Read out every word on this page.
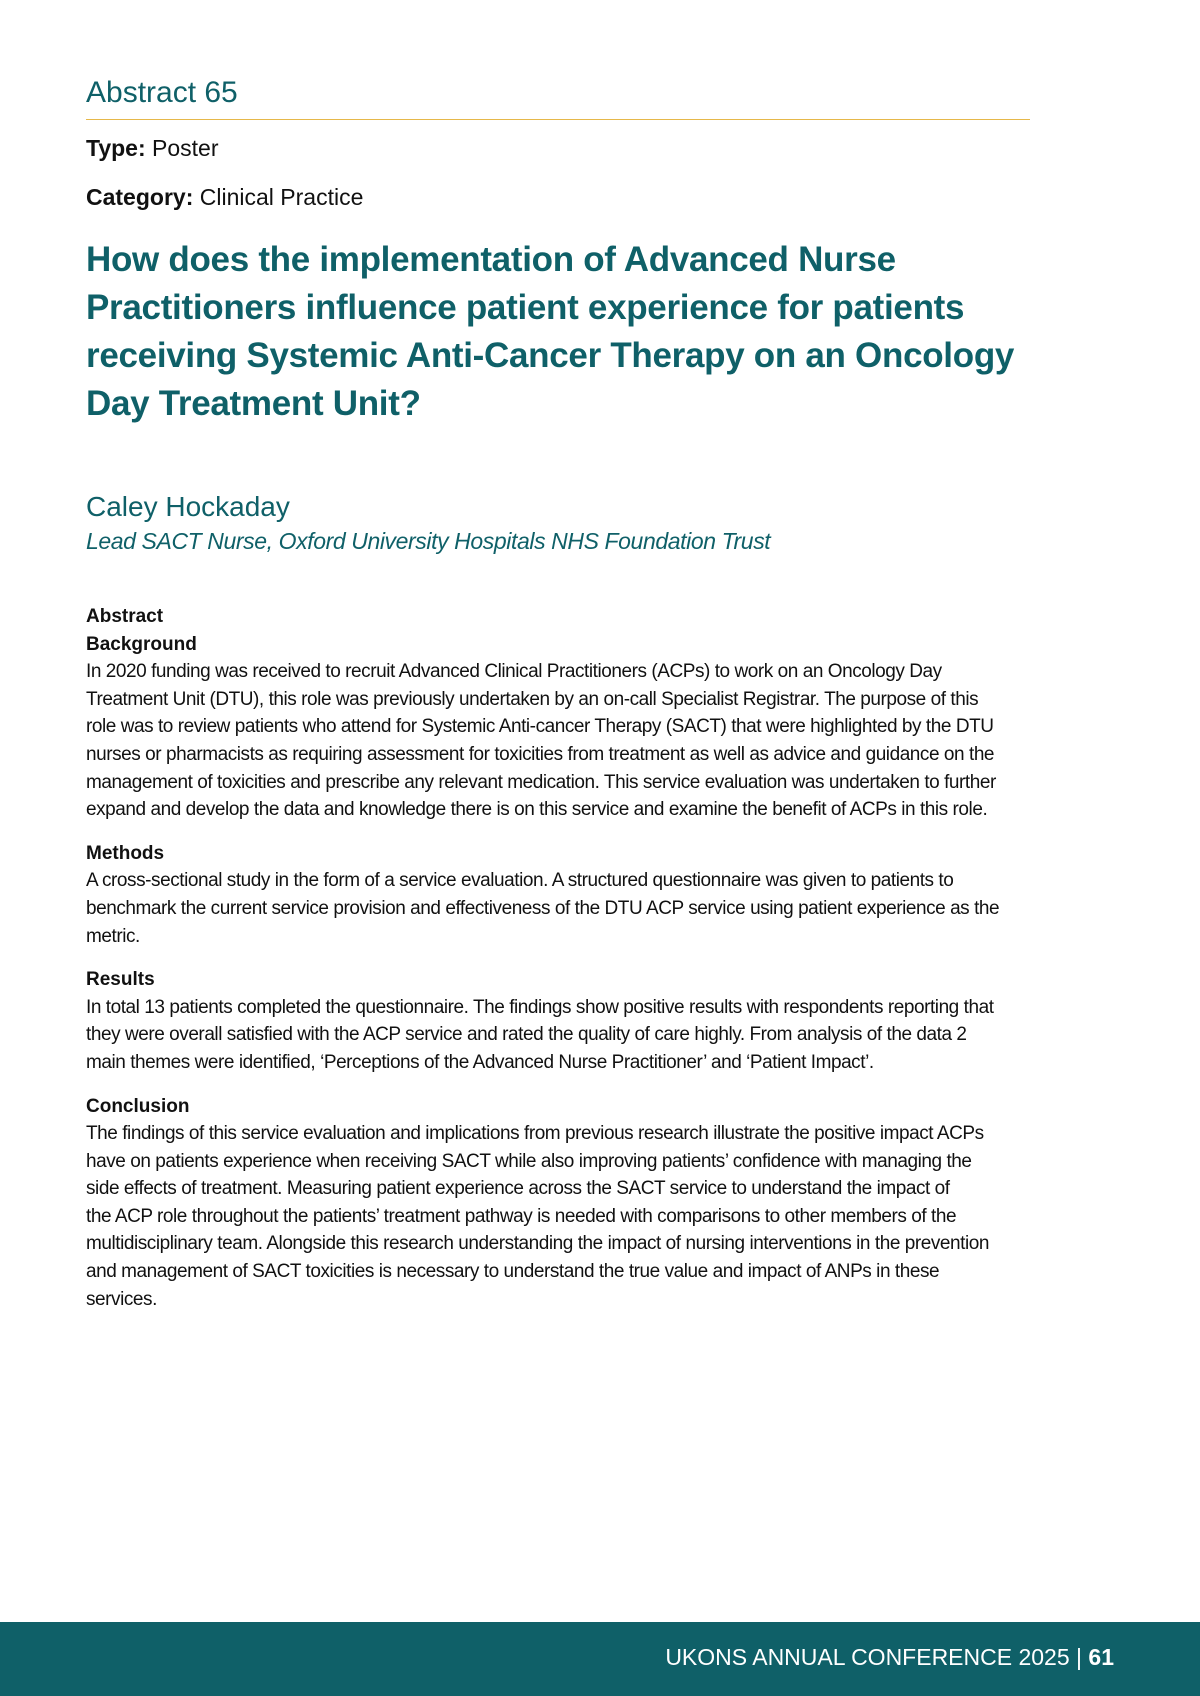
Abstract 65
Type: Poster
Category: Clinical Practice
How does the implementation of Advanced Nurse
Practitioners influence patient experience for patients
receiving Systemic Anti-Cancer Therapy on an Oncology
Day Treatment Unit?
Caley Hockaday
Lead SACT Nurse, Oxford University Hospitals NHS Foundation Trust
Abstract
Background
In 2020 funding was received to recruit Advanced Clinical Practitioners (ACPs) to work on an Oncology Day
Treatment Unit (DTU), this role was previously undertaken by an on-call Specialist Registrar. The purpose of this
role was to review patients who attend for Systemic Anti-cancer Therapy (SACT) that were highlighted by the DTU
nurses or pharmacists as requiring assessment for toxicities from treatment as well as advice and guidance on the
management of toxicities and prescribe any relevant medication. This service evaluation was undertaken to further
expand and develop the data and knowledge there is on this service and examine the benefit of ACPs in this role.
Methods
A cross-sectional study in the form of a service evaluation. A structured questionnaire was given to patients to
benchmark the current service provision and effectiveness of the DTU ACP service using patient experience as the
metric.
Results
In total 13 patients completed the questionnaire. The findings show positive results with respondents reporting that
they were overall satisfied with the ACP service and rated the quality of care highly. From analysis of the data 2
main themes were identified, ‘Perceptions of the Advanced Nurse Practitioner’ and ‘Patient Impact’.
Conclusion
The findings of this service evaluation and implications from previous research illustrate the positive impact ACPs
have on patients experience when receiving SACT while also improving patients’ confidence with managing the
side effects of treatment. Measuring patient experience across the SACT service to understand the impact of
the ACP role throughout the patients’ treatment pathway is needed with comparisons to other members of the
multidisciplinary team. Alongside this research understanding the impact of nursing interventions in the prevention
and management of SACT toxicities is necessary to understand the true value and impact of ANPs in these
services.
UKONS ANNUAL CONFERENCE 2025 | 61
